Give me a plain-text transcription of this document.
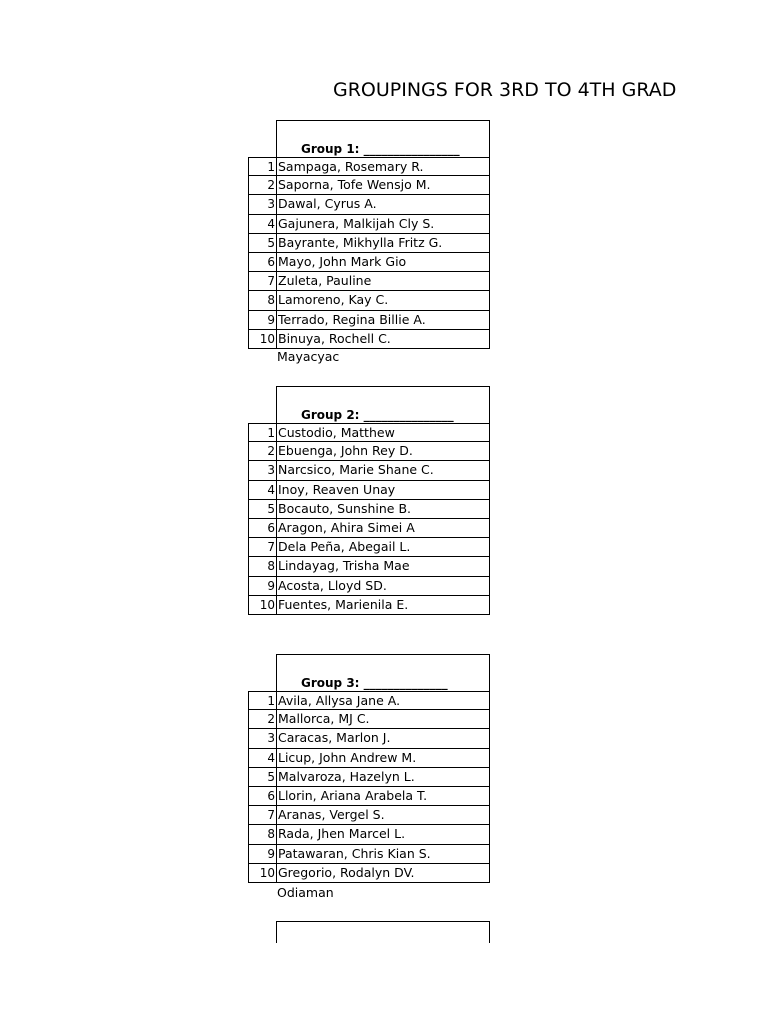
GROUPINGS FOR 3RD TO 4TH GRAD
Group 1: ________________
1 Sampaga, Rosemary R.
2 Saporna, Tofe Wensjo M.
3 Dawal, Cyrus A.
4 Gajunera, Malkijah Cly S.
5 Bayrante, Mikhylla Fritz G.
6 Mayo, John Mark Gio
7 Zuleta, Pauline
8 Lamoreno, Kay C.
9 Terrado, Regina Billie A.
10 Binuya, Rochell C.
Mayacyac
Group 2: _______________
1 Custodio, Matthew
2 Ebuenga, John Rey D.
3 Narcsico, Marie Shane C.
4 Inoy, Reaven Unay
5 Bocauto, Sunshine B.
6 Aragon, Ahira Simei A
7 Dela Peña, Abegail L.
8 Lindayag, Trisha Mae
9 Acosta, Lloyd SD.
10 Fuentes, Marienila E.
Group 3: ______________
1 Avila, Allysa Jane A.
2 Mallorca, MJ C.
3 Caracas, Marlon J.
4 Licup, John Andrew M.
5 Malvaroza, Hazelyn L.
6 Llorin, Ariana Arabela T.
7 Aranas, Vergel S.
8 Rada, Jhen Marcel L.
9 Patawaran, Chris Kian S.
10 Gregorio, Rodalyn DV.
Odiaman
